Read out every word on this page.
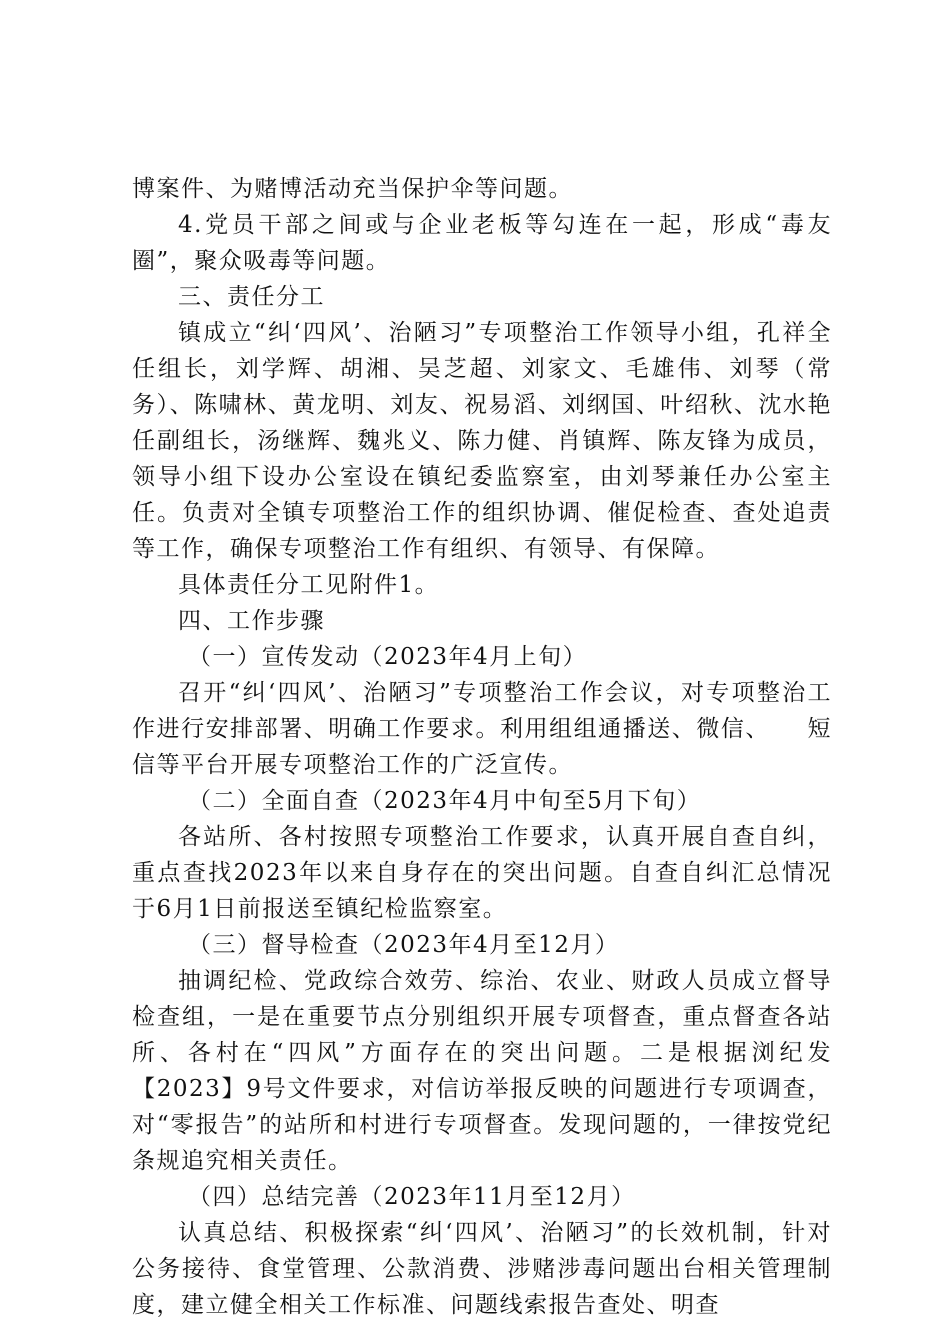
博案件、为赌博活动充当保护伞等问题。

4.党员干部之间或与企业老板等勾连在一起，形成“毒友圈”，聚众吸毒等问题。

三、责任分工

镇成立“纠‘四风’、治陋习”专项整治工作领导小组，孔祥全任组长，刘学辉、胡湘、吴芝超、刘家文、毛雄伟、刘琴（常务）、陈啸林、黄龙明、刘友、祝易滔、刘纲国、叶绍秋、沈水艳任副组长，汤继辉、魏兆义、陈力健、肖镇辉、陈友锋为成员，领导小组下设办公室设在镇纪委监察室，由刘琴兼任办公室主任。负责对全镇专项整治工作的组织协调、催促检查、查处追责等工作，确保专项整治工作有组织、有领导、有保障。

具体责任分工见附件1。

四、工作步骤

（一）宣传发动（2023年4月上旬）

召开“纠‘四风’、治陋习”专项整治工作会议，对专项整治工作进行安排部署、明确工作要求。利用组组通播送、微信、　　短信等平台开展专项整治工作的广泛宣传。

（二）全面自查（2023年4月中旬至5月下旬）

各站所、各村按照专项整治工作要求，认真开展自查自纠，重点查找2023年以来自身存在的突出问题。自查自纠汇总情况于6月1日前报送至镇纪检监察室。

（三）督导检查（2023年4月至12月）

抽调纪检、党政综合效劳、综治、农业、财政人员成立督导检查组，一是在重要节点分别组织开展专项督查，重点督查各站所、各村在“四风”方面存在的突出问题。二是根据浏纪发【2023】9号文件要求，对信访举报反映的问题进行专项调查，对“零报告”的站所和村进行专项督查。发现问题的，一律按党纪条规追究相关责任。

（四）总结完善（2023年11月至12月）

认真总结、积极探索“纠‘四风’、治陋习”的长效机制，针对公务接待、食堂管理、公款消费、涉赌涉毒问题出台相关管理制度，建立健全相关工作标准、问题线索报告查处、明查
